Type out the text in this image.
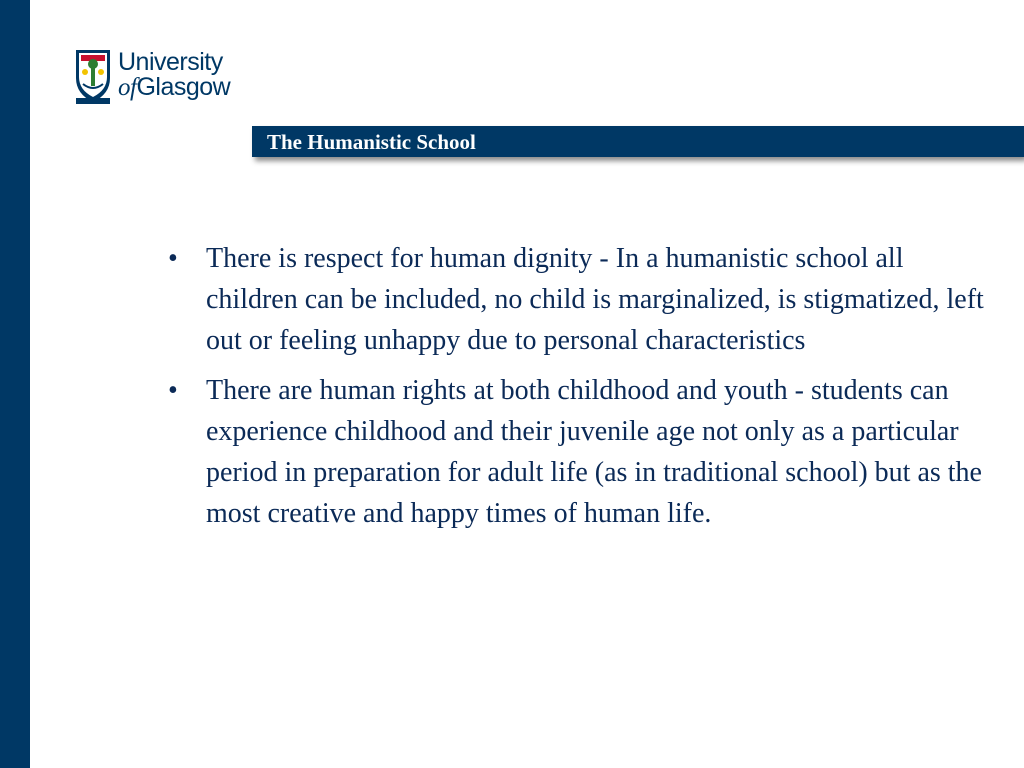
University
ofGlasgow
The Humanistic School
• There is respect for human dignity - In a humanistic school all children can be included, no child is marginalized, is stigmatized, left out or feeling unhappy due to personal characteristics
• There are human rights at both childhood and youth - students can experience childhood and their juvenile age not only as a particular period in preparation for adult life (as in traditional school) but as the most creative and happy times of human life.
